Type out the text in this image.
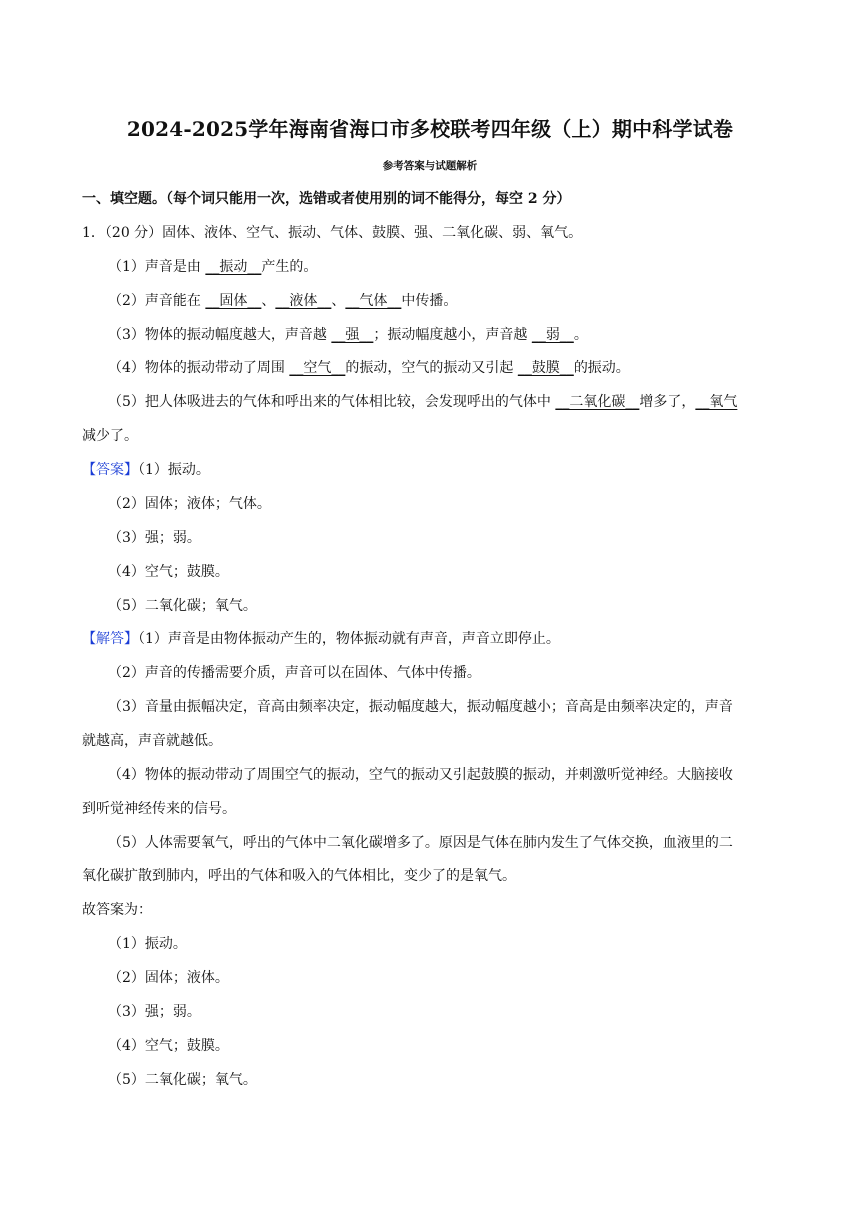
2024-2025学年海南省海口市多校联考四年级（上）期中科学试卷
参考答案与试题解析
一、填空题。（每个词只能用一次，选错或者使用别的词不能得分，每空 2 分）
1．（20 分）固体、液体、空气、振动、气体、鼓膜、强、二氧化碳、弱、氧气。
（1）声音是由 __振动__产生的。
（2）声音能在 __固体__、__液体__、__气体__中传播。
（3）物体的振动幅度越大，声音越 __强__；振动幅度越小，声音越 __弱__。
（4）物体的振动带动了周围 __空气__的振动，空气的振动又引起 __鼓膜__的振动。
（5）把人体吸进去的气体和呼出来的气体相比较，会发现呼出的气体中 __二氧化碳__增多了，__氧气
减少了。
【答案】（1）振动。
（2）固体；液体；气体。
（3）强；弱。
（4）空气；鼓膜。
（5）二氧化碳；氧气。
【解答】（1）声音是由物体振动产生的，物体振动就有声音，声音立即停止。
（2）声音的传播需要介质，声音可以在固体、气体中传播。
（3）音量由振幅决定，音高由频率决定，振动幅度越大，振动幅度越小；音高是由频率决定的，声音
就越高，声音就越低。
（4）物体的振动带动了周围空气的振动，空气的振动又引起鼓膜的振动，并刺激听觉神经。大脑接收
到听觉神经传来的信号。
（5）人体需要氧气，呼出的气体中二氧化碳增多了。原因是气体在肺内发生了气体交换，血液里的二
氧化碳扩散到肺内，呼出的气体和吸入的气体相比，变少了的是氧气。
故答案为：
（1）振动。
（2）固体；液体。
（3）强；弱。
（4）空气；鼓膜。
（5）二氧化碳；氧气。
